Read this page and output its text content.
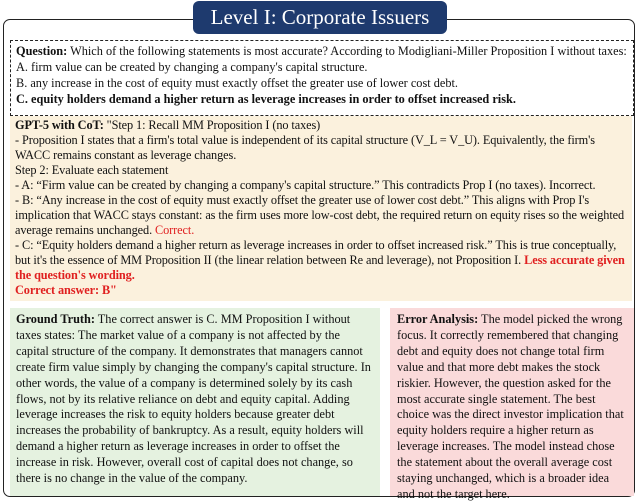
Level I: Corporate Issuers

Question: Which of the following statements is most accurate? According to Modigliani-Miller Proposition I without taxes:

A. firm value can be created by changing a company's capital structure.

B. any increase in the cost of equity must exactly offset the greater use of lower cost debt.

C. equity holders demand a higher return as leverage increases in order to offset increased risk.

GPT-5 with CoT: "Step 1: Recall MM Proposition I (no taxes)

- Proposition I states that a firm's total value is independent of its capital structure (V_L = V_U). Equivalently, the firm's WACC remains constant as leverage changes.

Step 2: Evaluate each statement

- A: “Firm value can be created by changing a company's capital structure.” This contradicts Prop I (no taxes). Incorrect.

- B: “Any increase in the cost of equity must exactly offset the greater use of lower cost debt.” This aligns with Prop I's implication that WACC stays constant: as the firm uses more low-cost debt, the required return on equity rises so the weighted average remains unchanged. Correct.

- C: “Equity holders demand a higher return as leverage increases in order to offset increased risk.” This is true conceptually, but it's the essence of MM Proposition II (the linear relation between Re and leverage), not Proposition I. Less accurate given the question's wording.

Correct answer: B"

Ground Truth: The correct answer is C. MM Proposition I without taxes states: The market value of a company is not affected by the capital structure of the company. It demonstrates that managers cannot create firm value simply by changing the company's capital structure. In other words, the value of a company is determined solely by its cash flows, not by its relative reliance on debt and equity capital. Adding leverage increases the risk to equity holders because greater debt increases the probability of bankruptcy. As a result, equity holders will demand a higher return as leverage increases in order to offset the increase in risk. However, overall cost of capital does not change, so there is no change in the value of the company.

Error Analysis: The model picked the wrong focus. It correctly remembered that changing debt and equity does not change total firm value and that more debt makes the stock riskier. However, the question asked for the most accurate single statement. The best choice was the direct investor implication that equity holders require a higher return as leverage increases. The model instead chose the statement about the overall average cost staying unchanged, which is a broader idea and not the target here.
